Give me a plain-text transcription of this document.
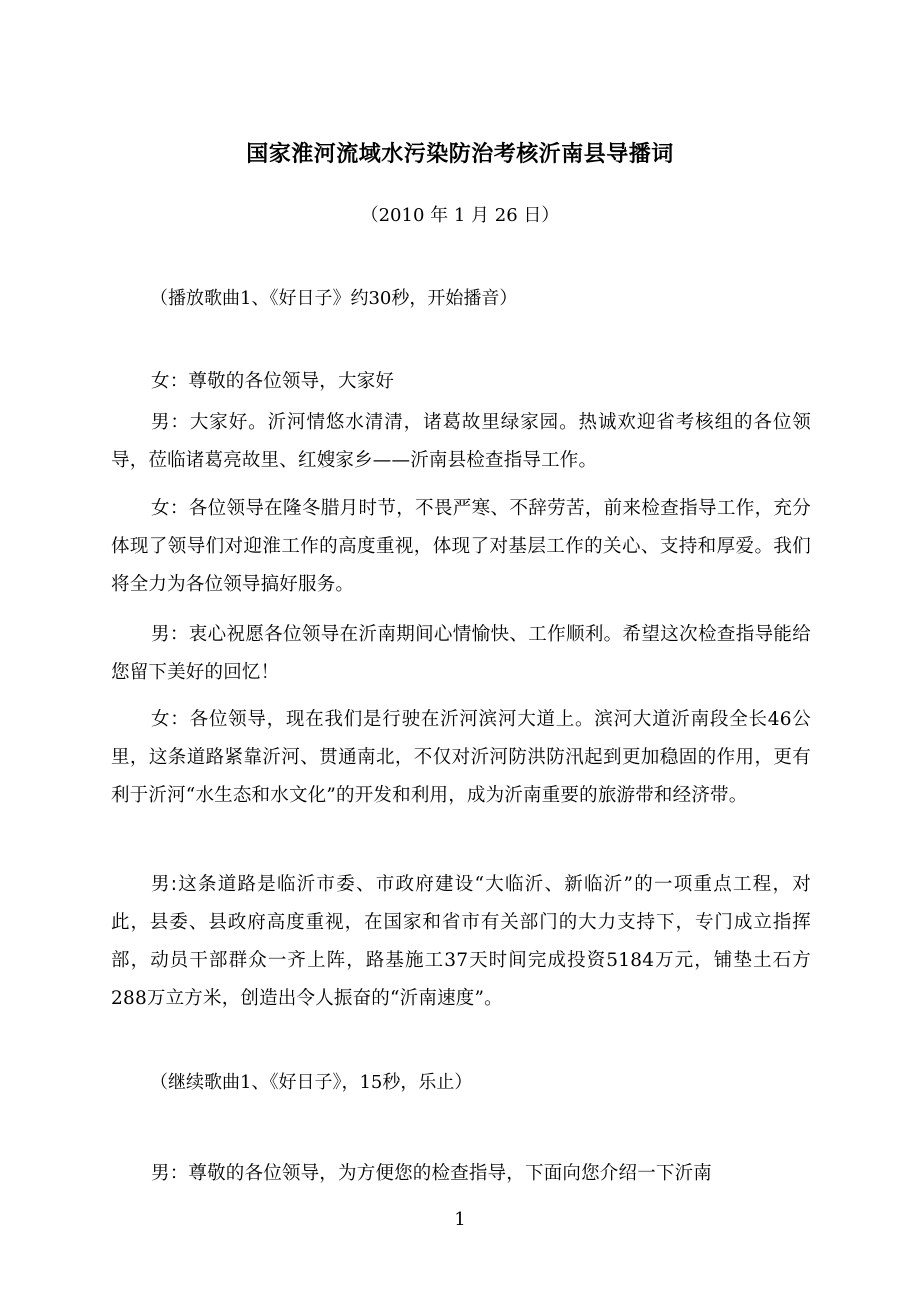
国家淮河流域水污染防治考核沂南县导播词
（2010 年 1 月 26 日）
（播放歌曲1、《好日子》约30秒，开始播音）

女：尊敬的各位领导，大家好

男：大家好。沂河情悠水清清，诸葛故里绿家园。热诚欢迎省考核组的各位领导，莅临诸葛亮故里、红嫂家乡——沂南县检查指导工作。

女：各位领导在隆冬腊月时节，不畏严寒、不辞劳苦，前来检查指导工作，充分体现了领导们对迎淮工作的高度重视，体现了对基层工作的关心、支持和厚爱。我们将全力为各位领导搞好服务。

男：衷心祝愿各位领导在沂南期间心情愉快、工作顺利。希望这次检查指导能给您留下美好的回忆！

女：各位领导，现在我们是行驶在沂河滨河大道上。滨河大道沂南段全长46公里，这条道路紧靠沂河、贯通南北，不仅对沂河防洪防汛起到更加稳固的作用，更有利于沂河“水生态和水文化”的开发和利用，成为沂南重要的旅游带和经济带。

男:这条道路是临沂市委、市政府建设“大临沂、新临沂”的一项重点工程，对此，县委、县政府高度重视，在国家和省市有关部门的大力支持下，专门成立指挥部，动员干部群众一齐上阵，路基施工37天时间完成投资5184万元，铺垫土石方288万立方米，创造出令人振奋的“沂南速度”。

（继续歌曲1、《好日子》，15秒，乐止）

男：尊敬的各位领导，为方便您的检查指导，下面向您介绍一下沂南

1
